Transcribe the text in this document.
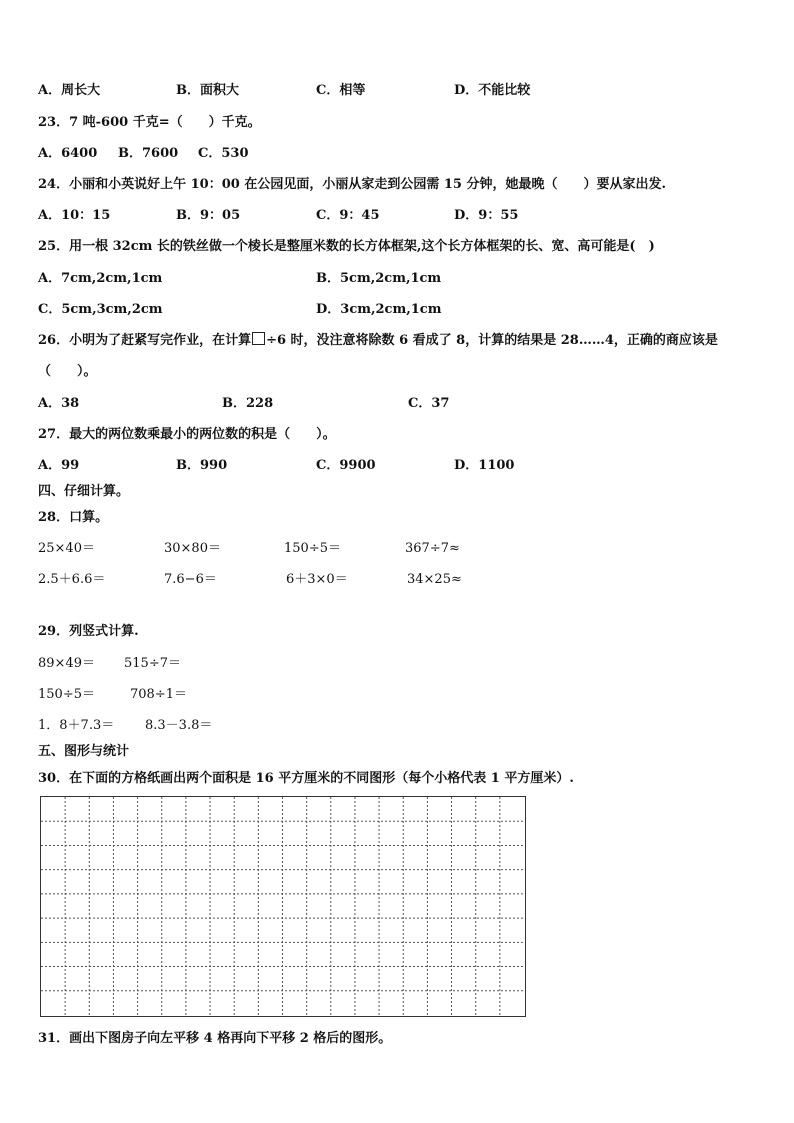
A．周长大	B．面积大	C．相等	D．不能比较
23．7 吨-600 千克=（　　）千克。
A．6400 B．7600 C．530
24．小丽和小英说好上午 10：00 在公园见面，小丽从家走到公园需 15 分钟，她最晚（　　）要从家出发.
A．10：15	B．9：05	C．9：45	D．9：55
25．用一根 32cm 长的铁丝做一个棱长是整厘米数的长方体框架,这个长方体框架的长、宽、高可能是(　)
A．7cm,2cm,1cm	B．5cm,2cm,1cm
C．5cm,3cm,2cm	D．3cm,2cm,1cm
26．小明为了赶紧写完作业，在计算 ÷6 时，没注意将除数 6 看成了 8，计算的结果是 28……4，正确的商应该是
（　　）。
A．38	B．228	C．37
27．最大的两位数乘最小的两位数的积是（　　）。
A．99	B．990	C．9900	D．1100
四、仔细计算。
28．口算。
25×40＝	30×80＝	150÷5＝	367÷7≈
2.5＋6.6＝	7.6−6＝	6＋3×0＝	34×25≈
29．列竖式计算.
89×49＝ 515÷7＝
150÷5＝	708÷1＝
1．8＋7.3＝ 8.3－3.8＝
五、图形与统计
30．在下面的方格纸画出两个面积是 16 平方厘米的不同图形（每个小格代表 1 平方厘米）.
31．画出下图房子向左平移 4 格再向下平移 2 格后的图形。
